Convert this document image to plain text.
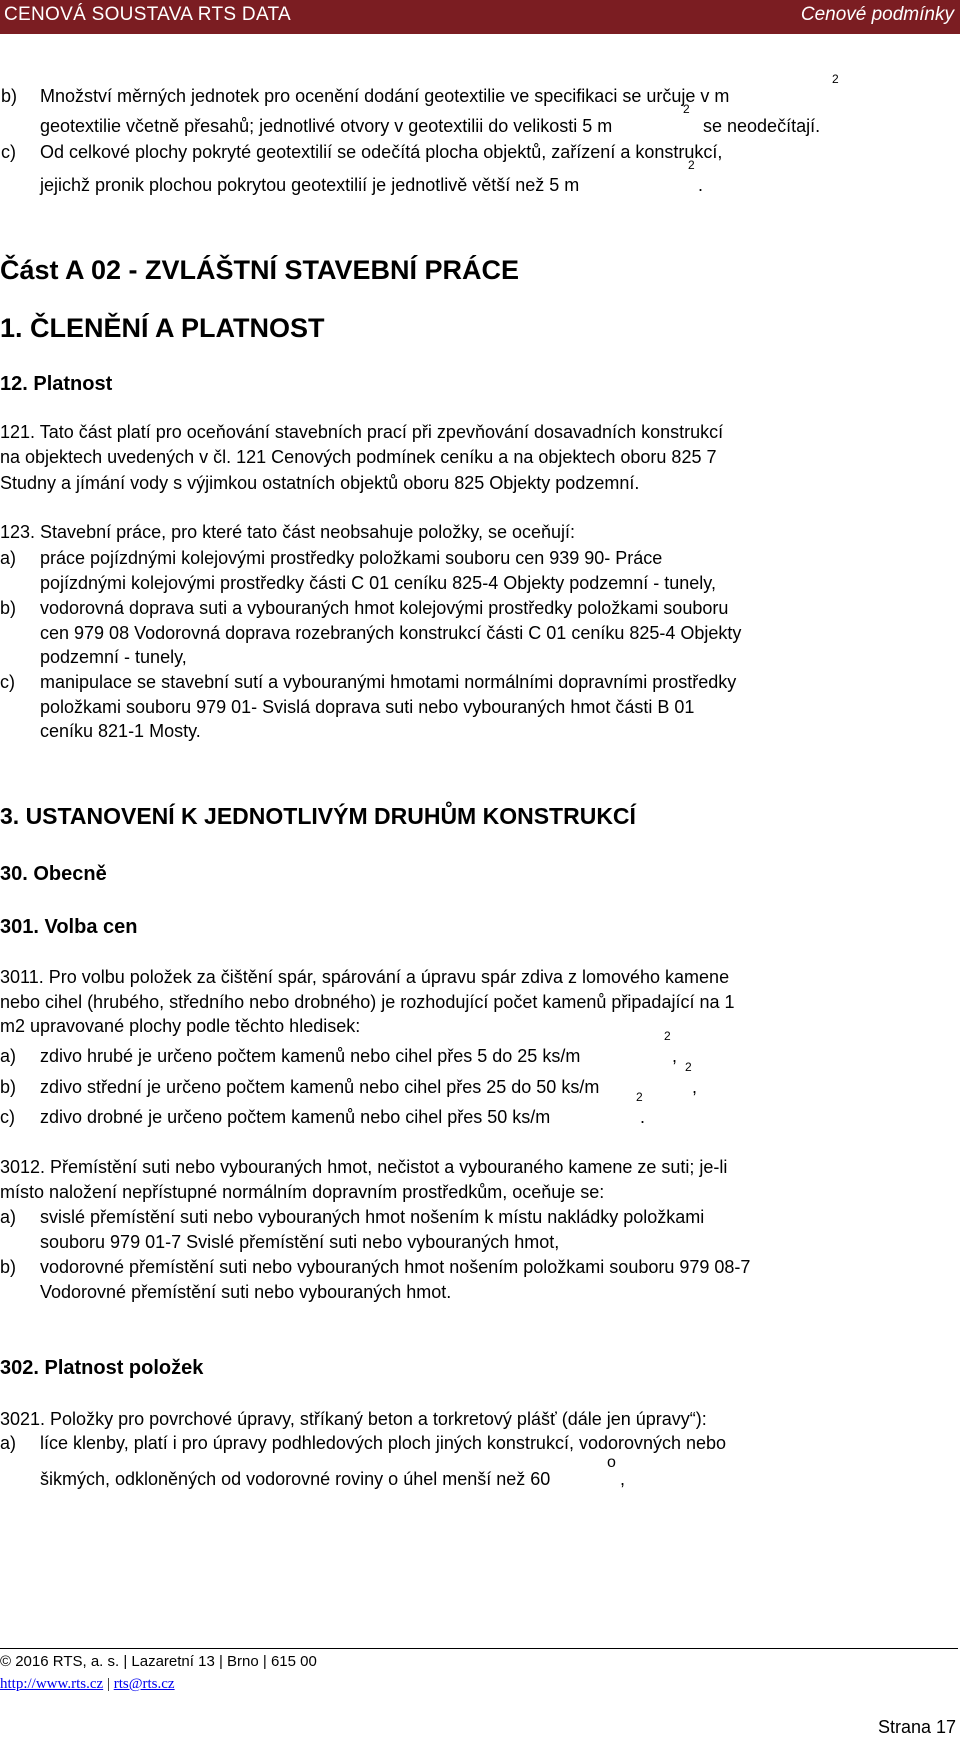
CENOVÁ SOUSTAVA RTS DATA	Cenové podmínky
b) Množství měrných jednotek pro ocenění dodání geotextilie ve specifikaci se určuje v m
2
geotextilie včetně přesahů; jednotlivé otvory v geotextilii do velikosti 5 m
2
se neodečítají.
c) Od celkové plochy pokryté geotextilií se odečítá plocha objektů, zařízení a konstrukcí,
jejichž pronik plochou pokrytou geotextilií je jednotlivě větší než 5 m
2
.
Část A 02 - ZVLÁŠTNÍ STAVEBNÍ PRÁCE
1. ČLENĚNÍ A PLATNOST
12. Platnost
121. Tato část platí pro oceňování stavebních prací při zpevňování dosavadních konstrukcí
na objektech uvedených v čl. 121 Cenových podmínek ceníku a na objektech oboru 825 7
Studny a jímání vody s výjimkou ostatních objektů oboru 825 Objekty podzemní.
123. Stavební práce, pro které tato část neobsahuje položky, se oceňují:
a) práce pojízdnými kolejovými prostředky položkami souboru cen 939 90- Práce
pojízdnými kolejovými prostředky části C 01 ceníku 825-4 Objekty podzemní - tunely,
b) vodorovná doprava suti a vybouraných hmot kolejovými prostředky položkami souboru
cen 979 08 Vodorovná doprava rozebraných konstrukcí části C 01 ceníku 825-4 Objekty
podzemní - tunely,
c) manipulace se stavební sutí a vybouranými hmotami normálními dopravními prostředky
položkami souboru 979 01- Svislá doprava suti nebo vybouraných hmot části B 01
ceníku 821-1 Mosty.
3. USTANOVENÍ K JEDNOTLIVÝM DRUHŮM KONSTRUKCÍ
30. Obecně
301. Volba cen
3011. Pro volbu položek za čištění spár, spárování a úpravu spár zdiva z lomového kamene
nebo cihel (hrubého, středního nebo drobného) je rozhodující počet kamenů připadající na 1
m2 upravované plochy podle těchto hledisek:
a) zdivo hrubé je určeno počtem kamenů nebo cihel přes 5 do 25 ks/m
2
,
b) zdivo střední je určeno počtem kamenů nebo cihel přes 25 do 50 ks/m
2
,
c) zdivo drobné je určeno počtem kamenů nebo cihel přes 50 ks/m
2
.
3012. Přemístění suti nebo vybouraných hmot, nečistot a vybouraného kamene ze suti; je-li
místo naložení nepřístupné normálním dopravním prostředkům, oceňuje se:
a) svislé přemístění suti nebo vybouraných hmot nošením k místu nakládky položkami
souboru 979 01-7 Svislé přemístění suti nebo vybouraných hmot,
b) vodorovné přemístění suti nebo vybouraných hmot nošením položkami souboru 979 08-7
Vodorovné přemístění suti nebo vybouraných hmot.
302. Platnost položek
3021. Položky pro povrchové úpravy, stříkaný beton a torkretový plášť (dále jen úpravy“):
a) líce klenby, platí i pro úpravy podhledových ploch jiných konstrukcí, vodorovných nebo
šikmých, odkloněných od vodorovné roviny o úhel menší než 60
o
,
© 2016 RTS, a. s. | Lazaretní 13 | Brno | 615 00
http://www.rts.cz | rts@rts.cz
Strana 17
